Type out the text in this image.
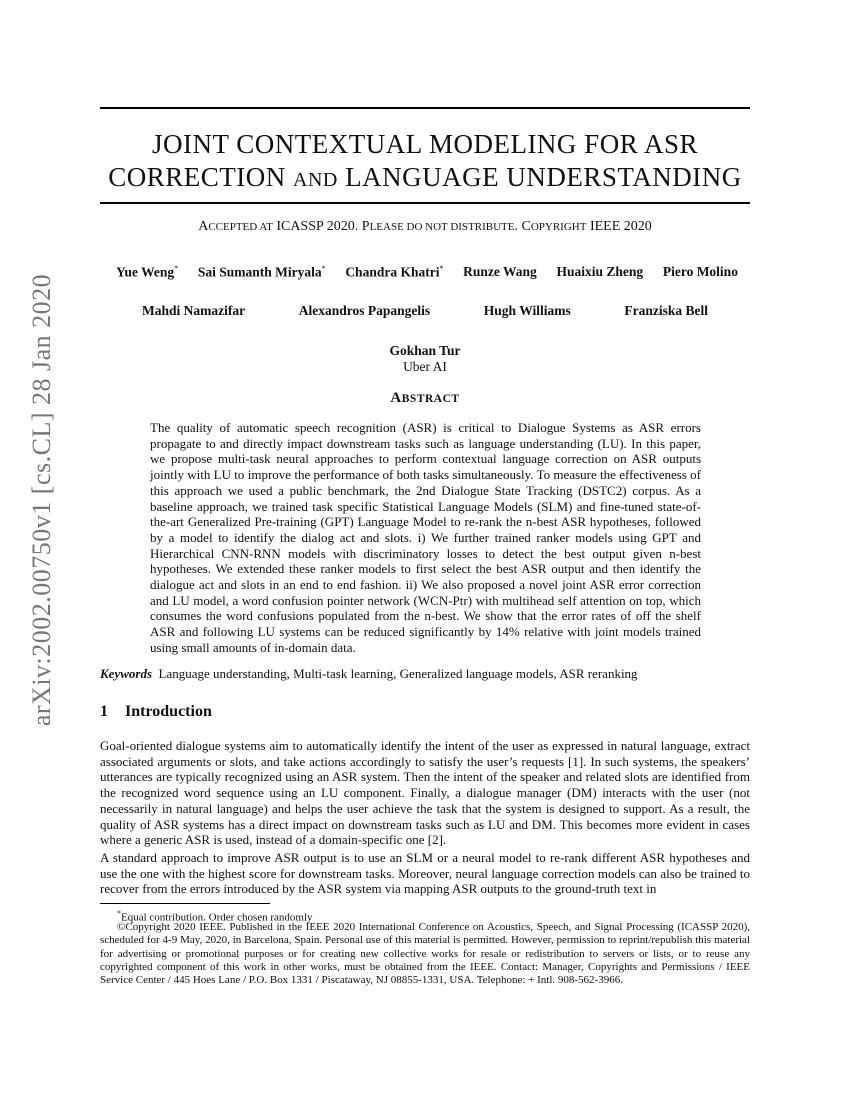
arXiv:2002.00750v1 [cs.CL] 28 Jan 2020
JOINT CONTEXTUAL MODELING FOR ASR
CORRECTION AND LANGUAGE UNDERSTANDING
ACCEPTED AT ICASSP 2020. PLEASE DO NOT DISTRIBUTE. COPYRIGHT IEEE 2020
Yue Weng* Sai Sumanth Miryala* Chandra Khatri* Runze Wang Huaixiu Zheng Piero Molino
Mahdi Namazifar	Alexandros Papangelis	Hugh Williams	Franziska Bell
Gokhan Tur
Uber AI
ABSTRACT

The quality of automatic speech recognition (ASR) is critical to Dialogue Systems as ASR errors propagate to and directly impact downstream tasks such as language understanding (LU). In this paper, we propose multi-task neural approaches to perform contextual language correction on ASR outputs jointly with LU to improve the performance of both tasks simultaneously. To measure the effectiveness of this approach we used a public benchmark, the 2nd Dialogue State Tracking (DSTC2) corpus. As a baseline approach, we trained task specific Statistical Language Models (SLM) and fine-tuned state-of-the-art Generalized Pre-training (GPT) Language Model to re-rank the n-best ASR hypotheses, followed by a model to identify the dialog act and slots. i) We further trained ranker models using GPT and Hierarchical CNN-RNN models with discriminatory losses to detect the best output given n-best hypotheses. We extended these ranker models to first select the best ASR output and then identify the dialogue act and slots in an end to end fashion. ii) We also proposed a novel joint ASR error correction and LU model, a word confusion pointer network (WCN-Ptr) with multihead self attention on top, which consumes the word confusions populated from the n-best. We show that the error rates of off the shelf ASR and following LU systems can be reduced significantly by 14% relative with joint models trained using small amounts of in-domain data.

Keywords Language understanding, Multi-task learning, Generalized language models, ASR reranking

1 Introduction

Goal-oriented dialogue systems aim to automatically identify the intent of the user as expressed in natural language, extract associated arguments or slots, and take actions accordingly to satisfy the user’s requests [1]. In such systems, the speakers’ utterances are typically recognized using an ASR system. Then the intent of the speaker and related slots are identified from the recognized word sequence using an LU component. Finally, a dialogue manager (DM) interacts with the user (not necessarily in natural language) and helps the user achieve the task that the system is designed to support. As a result, the quality of ASR systems has a direct impact on downstream tasks such as LU and DM. This becomes more evident in cases where a generic ASR is used, instead of a domain-specific one [2].

A standard approach to improve ASR output is to use an SLM or a neural model to re-rank different ASR hypotheses and use the one with the highest score for downstream tasks. Moreover, neural language correction models can also be trained to recover from the errors introduced by the ASR system via mapping ASR outputs to the ground-truth text in

*Equal contribution. Order chosen randomly

©Copyright 2020 IEEE. Published in the IEEE 2020 International Conference on Acoustics, Speech, and Signal Processing (ICASSP 2020), scheduled for 4-9 May, 2020, in Barcelona, Spain. Personal use of this material is permitted. However, permission to reprint/republish this material for advertising or promotional purposes or for creating new collective works for resale or redistribution to servers or lists, or to reuse any copyrighted component of this work in other works, must be obtained from the IEEE. Contact: Manager, Copyrights and Permissions / IEEE Service Center / 445 Hoes Lane / P.O. Box 1331 / Piscataway, NJ 08855-1331, USA. Telephone: + Intl. 908-562-3966.
